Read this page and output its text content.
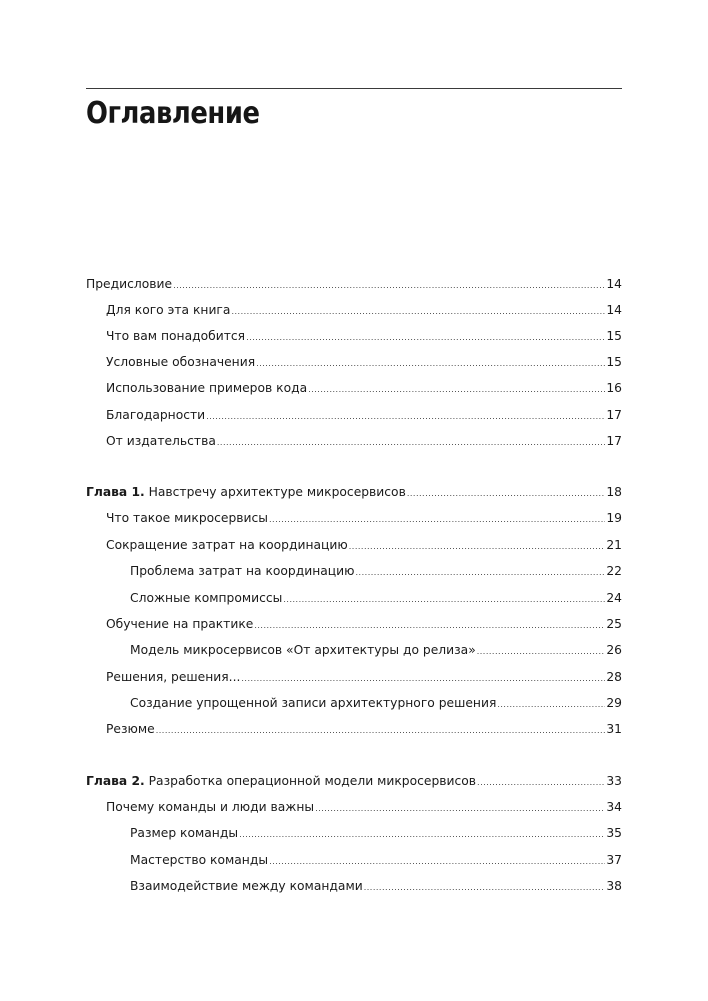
Оглавление
Предисловие .....	14
Для кого эта книга .....	14
Что вам понадобится .....	15
Условные обозначения .....	15
Использование примеров кода .....	16
Благодарности .....	17
От издательства .....	17
Глава 1. Навстречу архитектуре микросервисов .....	18
Что такое микросервисы .....	19
Сокращение затрат на координацию .....	21
Проблема затрат на координацию .....	22
Сложные компромиссы .....	24
Обучение на практике .....	25
Модель микросервисов «От архитектуры до релиза» .....	26
Решения, решения... .....	28
Создание упрощенной записи архитектурного решения .....	29
Резюме .....	31
Глава 2. Разработка операционной модели микросервисов .....	33
Почему команды и люди важны .....	34
Размер команды .....	35
Мастерство команды .....	37
Взаимодействие между командами .....	38
